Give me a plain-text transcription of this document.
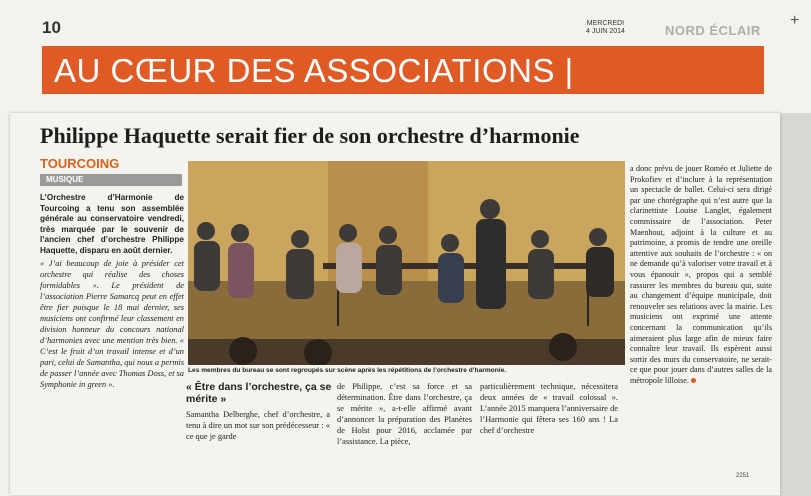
10	MERCREDI
4 JUIN 2014	NORD ÉCLAIR
+
AU CŒUR DES ASSOCIATIONS |
Philippe Haquette serait fier de son orchestre d’harmonie
TOURCOING
MUSIQUE
L’Orchestre d’Harmonie de Tourcoing a tenu son assemblée générale au conservatoire vendredi, très marquée par le souvenir de l’ancien chef d’orchestre Philippe Haquette, disparu en août dernier.
« J’ai beaucoup de joie à présider cet orchestre qui réalise des choses formidables ». Le président de l’association Pierre Samarcq peut en effet être fier puisque le 18 mai dernier, ses musiciens ont confirmé leur classement en division honneur du concours national d’harmonies avec une mention très bien. « C’est le fruit d’un travail intense et d’un pari, celui de Samantha, qui nous a permis de passer l’année avec Thomas Doss, et sa Symphonie in green ».
Les membres du bureau se sont regroupés sur scène après les répétitions de l’orchestre d’harmonie.
« Être dans l’orchestre, ça se mérite »
Samantha Delberghe, chef d’orchestre, a tenu à dire un mot sur son prédécesseur : « ce que je garde
de Philippe, c’est sa force et sa détermination. Être dans l’orchestre, ça se mérite », a-t-elle affirmé avant d’annoncer la préparation des Planètes de Holst pour 2016, acclamée par l’assistance. La pièce,
particulièrement technique, nécessitera deux années de « travail colossal ». L’année 2015 marquera l’anniversaire de l’Harmonie qui fêtera ses 160 ans ! La chef d’orchestre
a donc prévu de jouer Roméo et Juliette de Prokofiev et d’inclure à la représentation un spectacle de ballet. Celui-ci sera dirigé par une chorégraphe qui n’est autre que la clarinettiste Louise Langlet, également commissaire de l’association. Peter Maenhout, adjoint à la culture et au patrimoine, a promis de tendre une oreille attentive aux souhaits de l’orchestre : « on ne demande qu’à valoriser votre travail et à vous épanouir », propos qui a semblé rassurer les membres du bureau qui, suite au changement d’équipe municipale, doit renouveler ses relations avec la mairie. Les musiciens ont exprimé une attente concernant la communication qu’ils aimeraient plus large afin de mieux faire connaître leur travail. Ils espèrent aussi sortir des murs du conservatoire, ne serait-ce que pour jouer dans d’autres salles de la métropole lilloise.
2251
